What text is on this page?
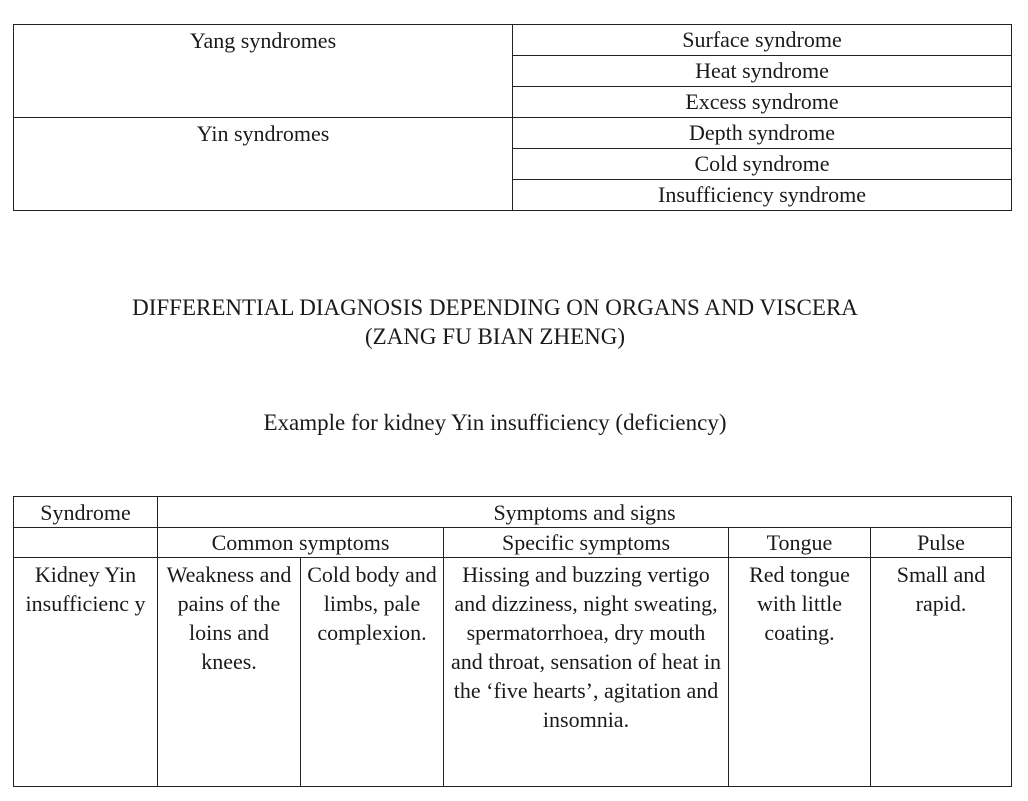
Yang syndromes	Surface syndrome
	Heat syndrome
	Excess syndrome
Yin syndromes	Depth syndrome
	Cold syndrome
	Insufficiency syndrome
DIFFERENTIAL DIAGNOSIS DEPENDING ON ORGANS AND VISCERA
(ZANG FU BIAN ZHENG)
Example for kidney Yin insufficiency (deficiency)
Syndrome	Symptoms and signs				
	Common symptoms		Specific symptoms	Tongue	Pulse

Kidney Yin insufficienc y	Weakness and pains of the loins and knees.	Cold body and limbs, pale complexion.	Hissing and buzzing vertigo and dizziness, night sweating, spermatorrhoea, dry mouth and throat, sensation of heat in the ‘five hearts’, agitation and insomnia.	Red tongue with little coating.	Small and rapid.
